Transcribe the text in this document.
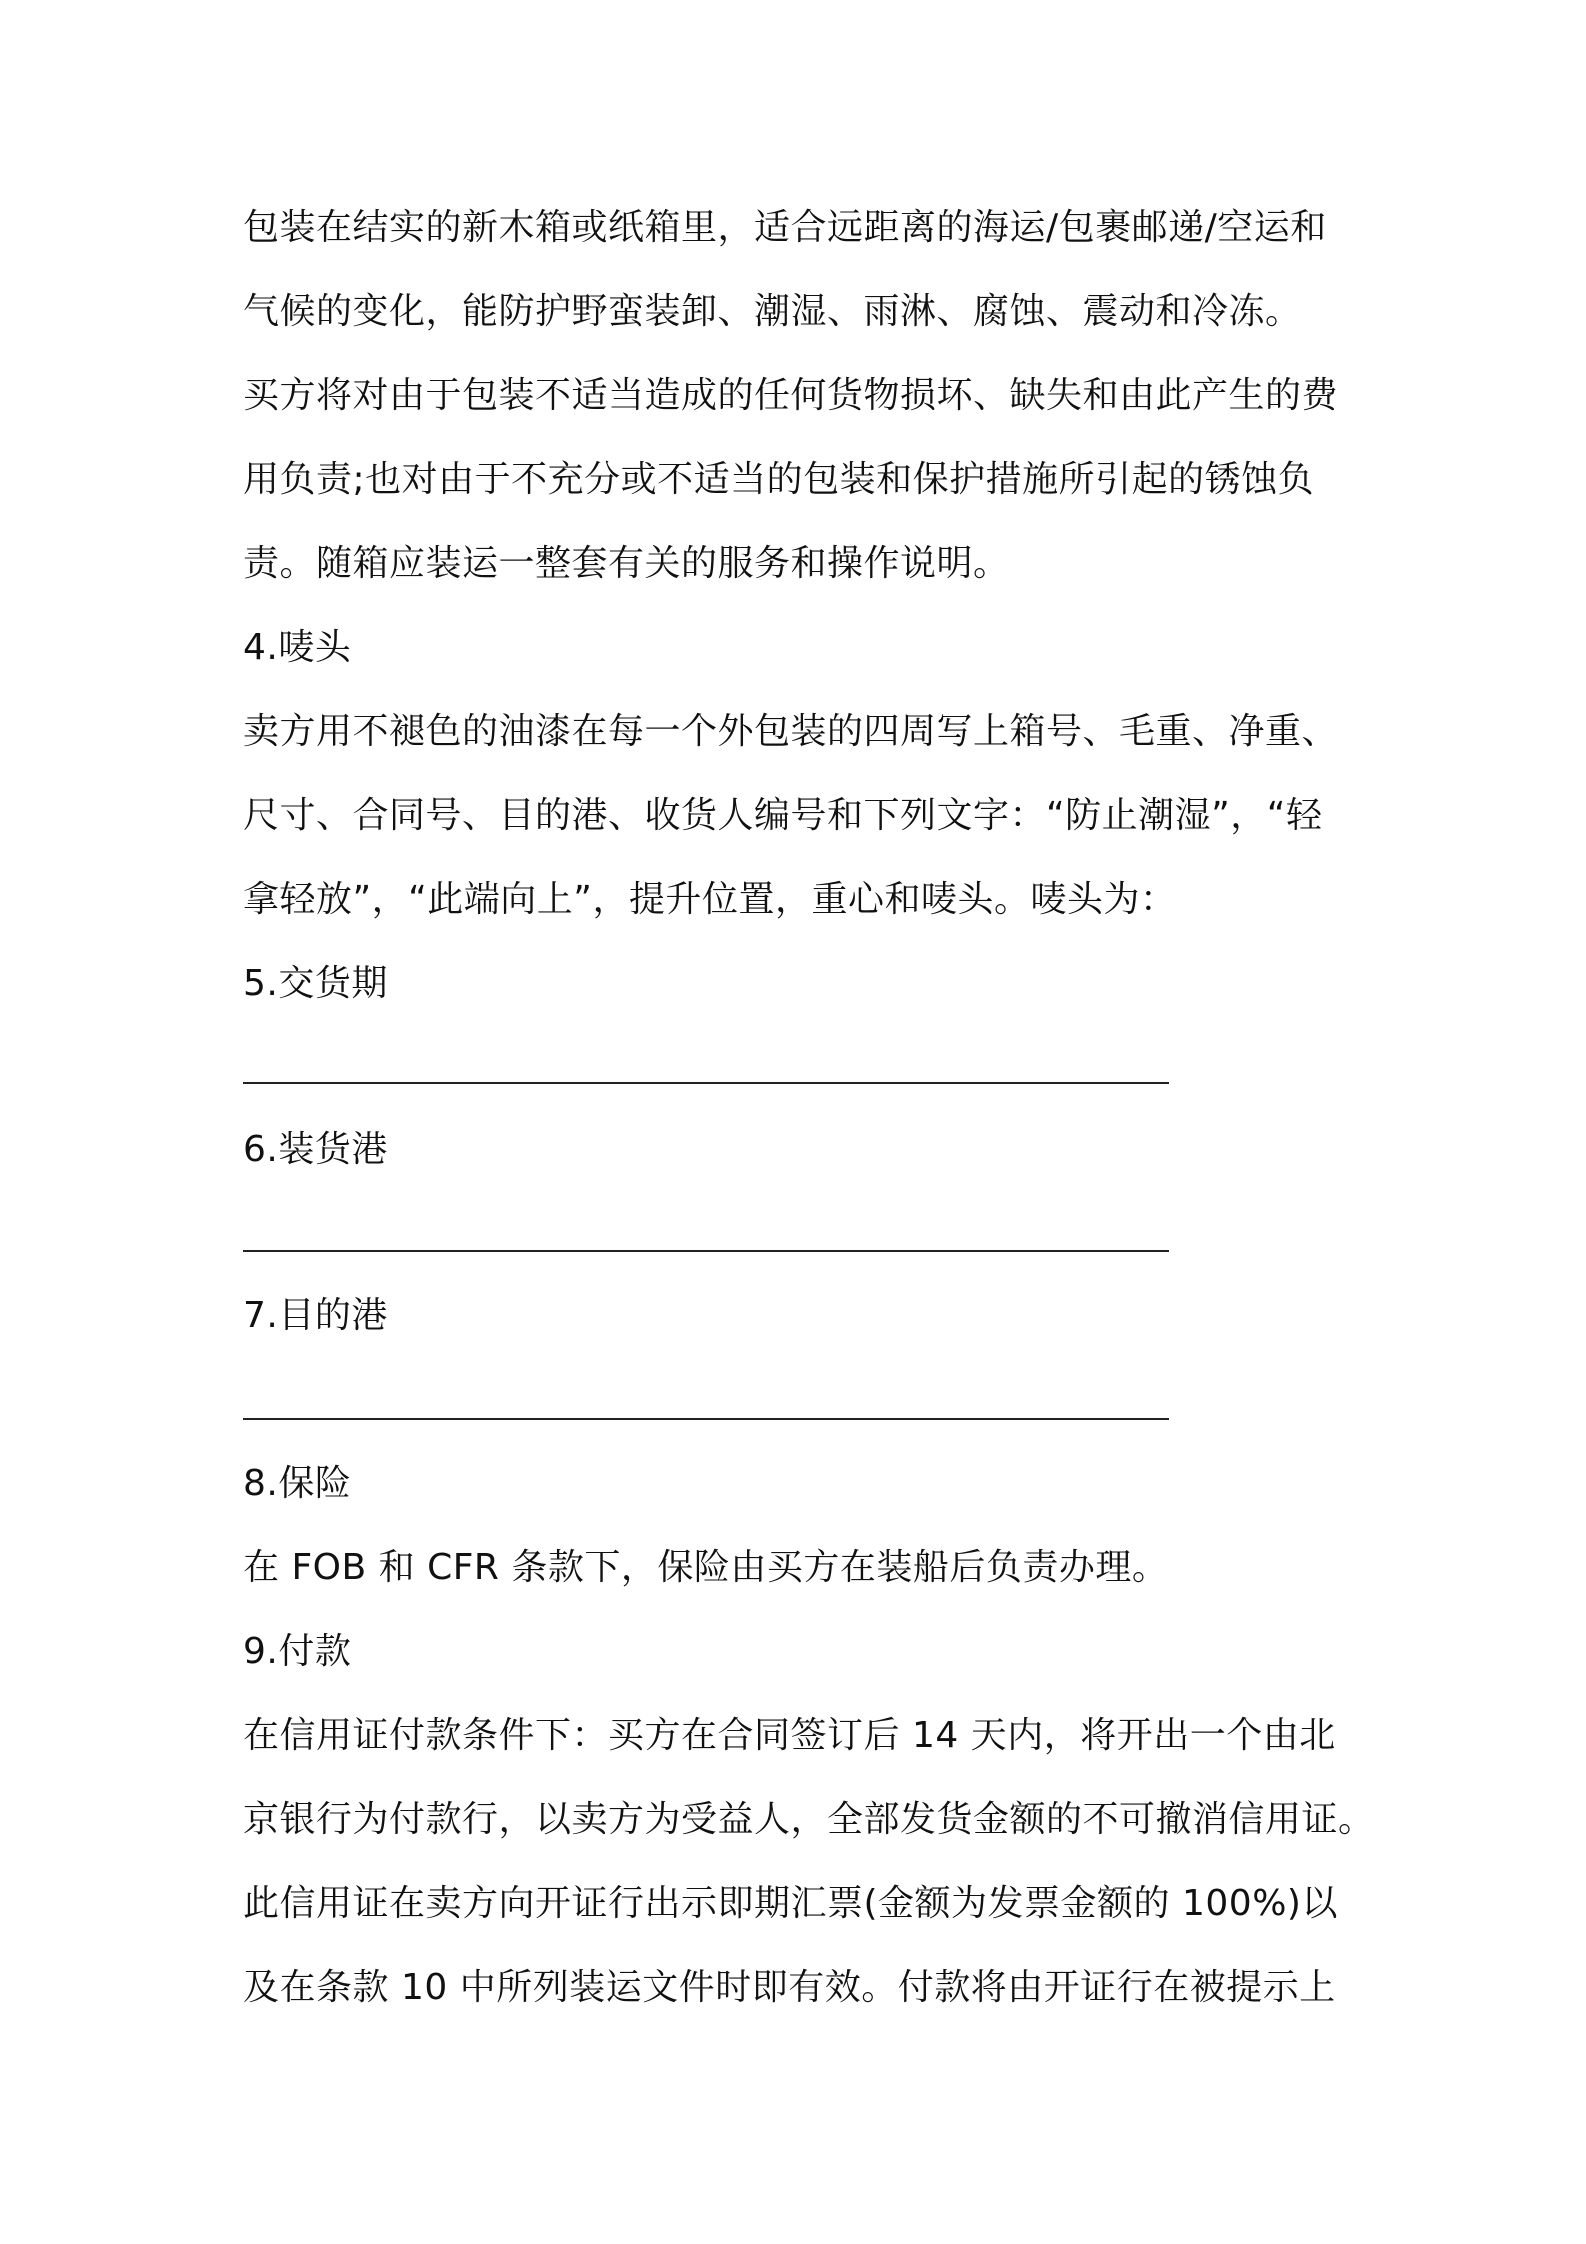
包装在结实的新木箱或纸箱里，适合远距离的海运/包裹邮递/空运和
气候的变化，能防护野蛮装卸、潮湿、雨淋、腐蚀、震动和冷冻。
买方将对由于包装不适当造成的任何货物损坏、缺失和由此产生的费
用负责;也对由于不充分或不适当的包装和保护措施所引起的锈蚀负
责。随箱应装运一整套有关的服务和操作说明。
4.唛头
卖方用不褪色的油漆在每一个外包装的四周写上箱号、毛重、净重、
尺寸、合同号、目的港、收货人编号和下列文字：“防止潮湿”，“轻
拿轻放”，“此端向上”，提升位置，重心和唛头。唛头为：
5.交货期
6.装货港
7.目的港
8.保险
在 FOB 和 CFR 条款下，保险由买方在装船后负责办理。
9.付款
在信用证付款条件下：买方在合同签订后 14 天内，将开出一个由北
京银行为付款行，以卖方为受益人，全部发货金额的不可撤消信用证。
此信用证在卖方向开证行出示即期汇票(金额为发票金额的 100%)以
及在条款 10 中所列装运文件时即有效。付款将由开证行在被提示上
